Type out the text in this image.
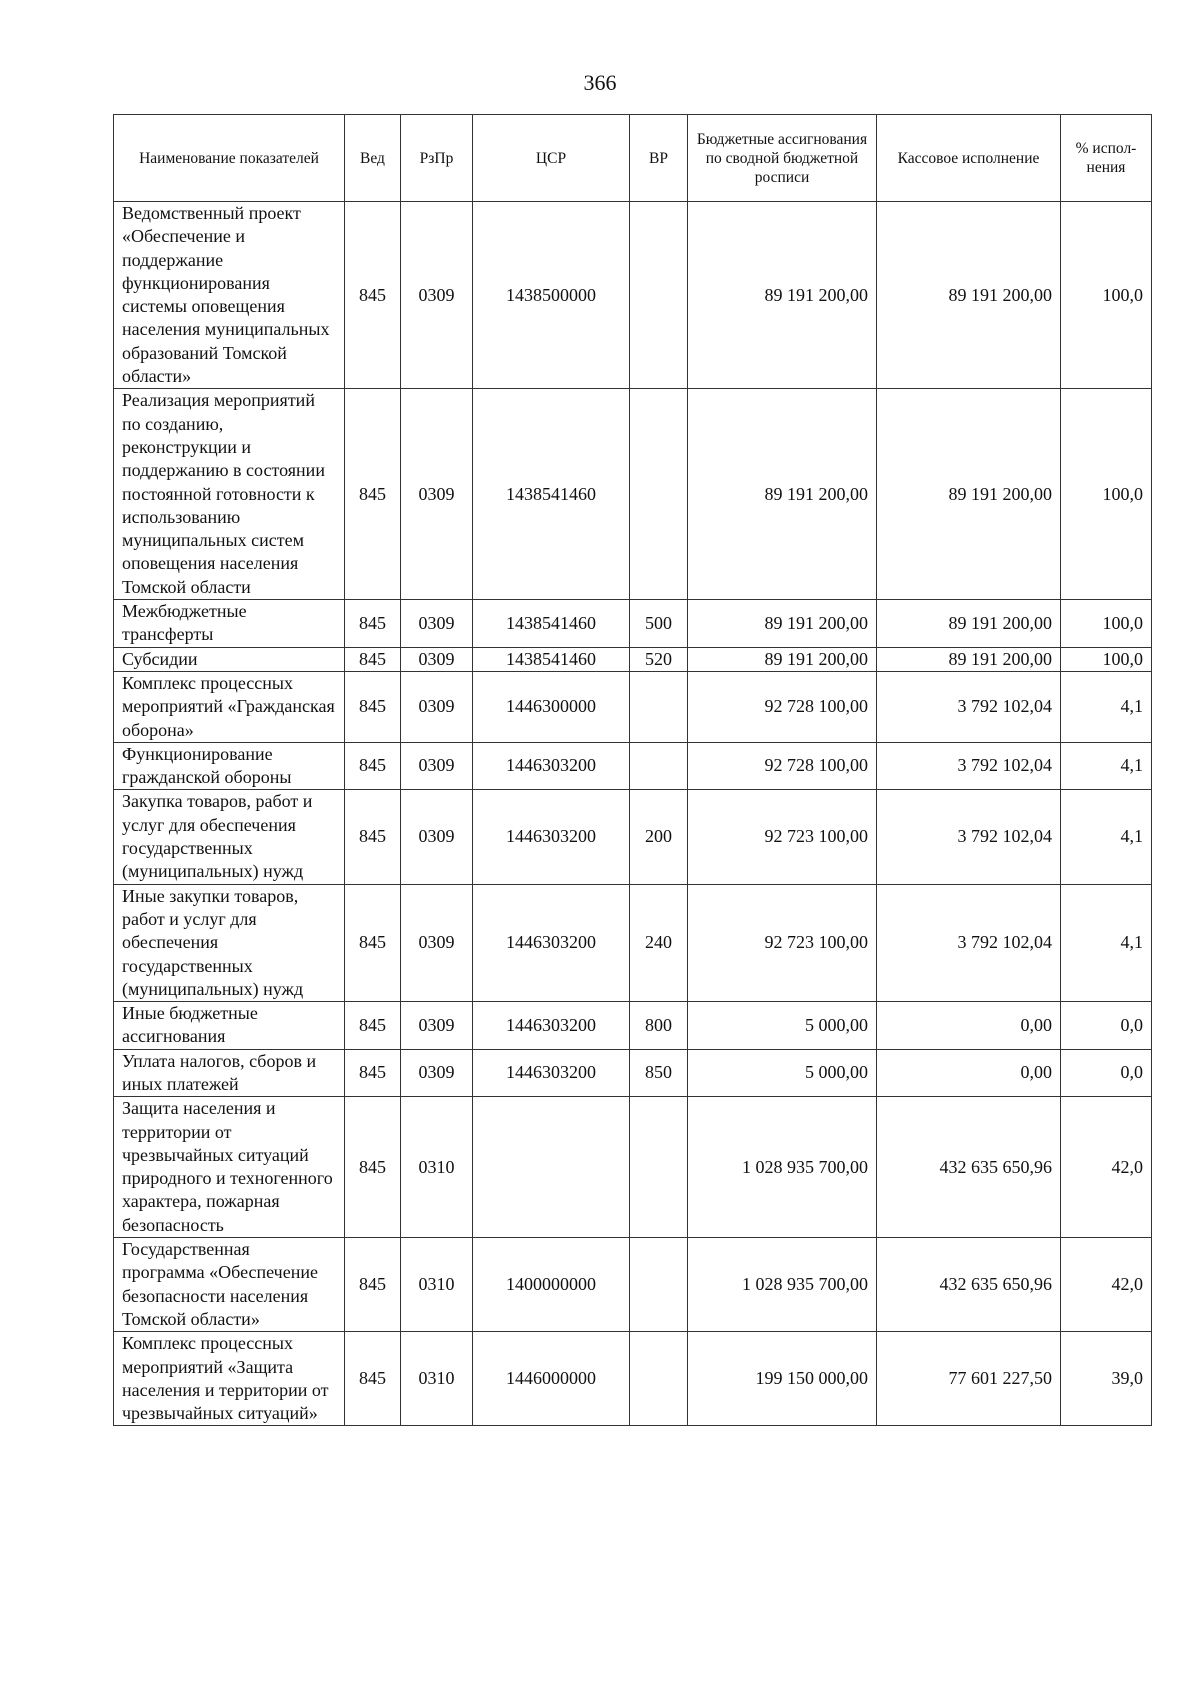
366
Наименование показателей	Вед	РзПр	ЦСР	ВР	Бюджетные ассигнования по сводной бюджетной росписи	Кассовое исполнение	% испол-нения
Ведомственный проект «Обеспечение и поддержание функционирования системы оповещения населения муниципальных образований Томской области»	845	0309	1438500000		89 191 200,00	89 191 200,00	100,0
Реализация мероприятий по созданию, реконструкции и поддержанию в состоянии постоянной готовности к использованию муниципальных систем оповещения населения Томской области	845	0309	1438541460		89 191 200,00	89 191 200,00	100,0
Межбюджетные трансферты	845	0309	1438541460	500	89 191 200,00	89 191 200,00	100,0
Субсидии	845	0309	1438541460	520	89 191 200,00	89 191 200,00	100,0
Комплекс процессных мероприятий «Гражданская оборона»	845	0309	1446300000		92 728 100,00	3 792 102,04	4,1
Функционирование гражданской обороны	845	0309	1446303200		92 728 100,00	3 792 102,04	4,1
Закупка товаров, работ и услуг для обеспечения государственных (муниципальных) нужд	845	0309	1446303200	200	92 723 100,00	3 792 102,04	4,1
Иные закупки товаров, работ и услуг для обеспечения государственных (муниципальных) нужд	845	0309	1446303200	240	92 723 100,00	3 792 102,04	4,1
Иные бюджетные ассигнования	845	0309	1446303200	800	5 000,00	0,00	0,0
Уплата налогов, сборов и иных платежей	845	0309	1446303200	850	5 000,00	0,00	0,0
Защита населения и территории от чрезвычайных ситуаций природного и техногенного характера, пожарная безопасность	845	0310			1 028 935 700,00	432 635 650,96	42,0
Государственная программа «Обеспечение безопасности населения Томской области»	845	0310	1400000000		1 028 935 700,00	432 635 650,96	42,0
Комплекс процессных мероприятий «Защита населения и территории от чрезвычайных ситуаций»	845	0310	1446000000		199 150 000,00	77 601 227,50	39,0
